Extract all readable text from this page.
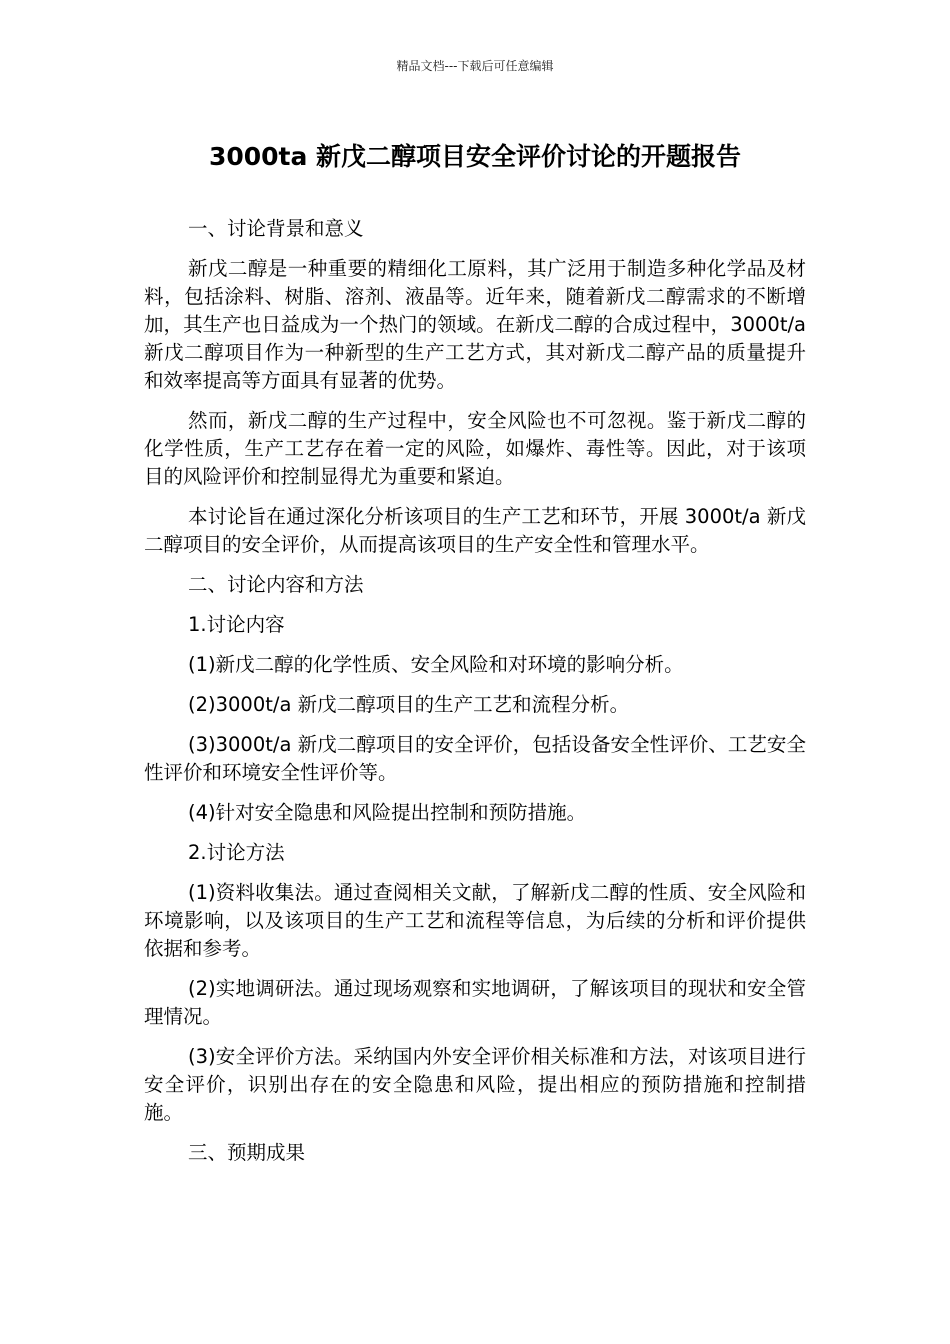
精品文档---下载后可任意编辑
3000ta 新戊二醇项目安全评价讨论的开题报告

一、讨论背景和意义

新戊二醇是一种重要的精细化工原料，其广泛用于制造多种化学品及材料，包括涂料、树脂、溶剂、液晶等。近年来，随着新戊二醇需求的不断增加，其生产也日益成为一个热门的领域。在新戊二醇的合成过程中，3000t/a 新戊二醇项目作为一种新型的生产工艺方式，其对新戊二醇产品的质量提升和效率提高等方面具有显著的优势。

然而，新戊二醇的生产过程中，安全风险也不可忽视。鉴于新戊二醇的化学性质，生产工艺存在着一定的风险，如爆炸、毒性等。因此，对于该项目的风险评价和控制显得尤为重要和紧迫。

本讨论旨在通过深化分析该项目的生产工艺和环节，开展 3000t/a 新戊二醇项目的安全评价，从而提高该项目的生产安全性和管理水平。

二、讨论内容和方法

1.讨论内容

(1)新戊二醇的化学性质、安全风险和对环境的影响分析。

(2)3000t/a 新戊二醇项目的生产工艺和流程分析。

(3)3000t/a 新戊二醇项目的安全评价，包括设备安全性评价、工艺安全性评价和环境安全性评价等。

(4)针对安全隐患和风险提出控制和预防措施。

2.讨论方法

(1)资料收集法。通过查阅相关文献，了解新戊二醇的性质、安全风险和环境影响，以及该项目的生产工艺和流程等信息，为后续的分析和评价提供依据和参考。

(2)实地调研法。通过现场观察和实地调研，了解该项目的现状和安全管理情况。

(3)安全评价方法。采纳国内外安全评价相关标准和方法，对该项目进行安全评价，识别出存在的安全隐患和风险，提出相应的预防措施和控制措施。

三、预期成果
